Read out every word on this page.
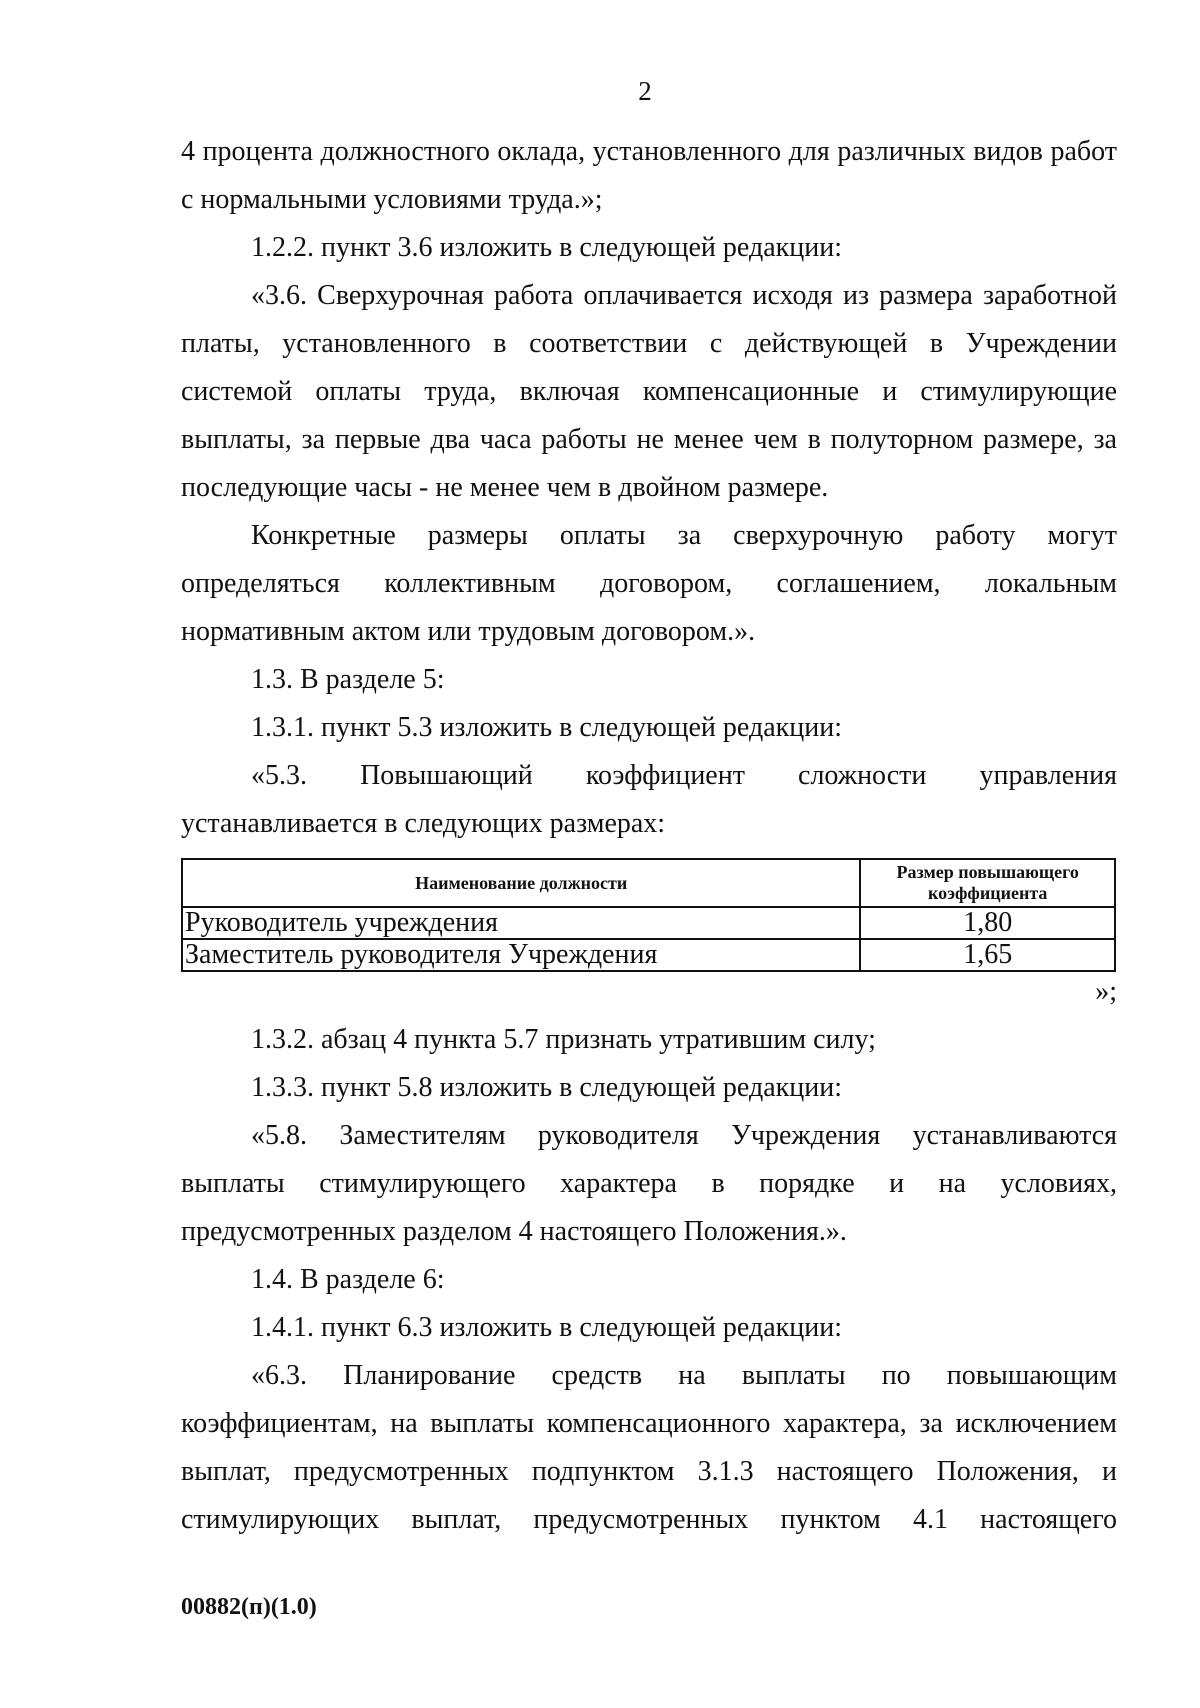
2

4 процента должностного оклада, установленного для различных видов работ с нормальными условиями труда.»;

1.2.2. пункт 3.6 изложить в следующей редакции:

«3.6. Сверхурочная работа оплачивается исходя из размера заработной платы, установленного в соответствии с действующей в Учреждении системой оплаты труда, включая компенсационные и стимулирующие выплаты, за первые два часа работы не менее чем в полуторном размере, за последующие часы - не менее чем в двойном размере.

Конкретные размеры оплаты за сверхурочную работу могут определяться коллективным договором, соглашением, локальным нормативным актом или трудовым договором.».

1.3. В разделе 5:

1.3.1. пункт 5.3 изложить в следующей редакции:

«5.3. Повышающий коэффициент сложности управления устанавливается в следующих размерах:

Наименование должности	Размер повышающего коэффициента
Руководитель учреждения	1,80
Заместитель руководителя Учреждения	1,65

»;

1.3.2. абзац 4 пункта 5.7 признать утратившим силу;

1.3.3. пункт 5.8 изложить в следующей редакции:

«5.8. Заместителям руководителя Учреждения устанавливаются выплаты стимулирующего характера в порядке и на условиях, предусмотренных разделом 4 настоящего Положения.».

1.4. В разделе 6:

1.4.1. пункт 6.3 изложить в следующей редакции:

«6.3. Планирование средств на выплаты по повышающим коэффициентам, на выплаты компенсационного характера, за исключением выплат, предусмотренных подпунктом 3.1.3 настоящего Положения, и стимулирующих выплат, предусмотренных пунктом 4.1 настоящего

00882(п)(1.0)
